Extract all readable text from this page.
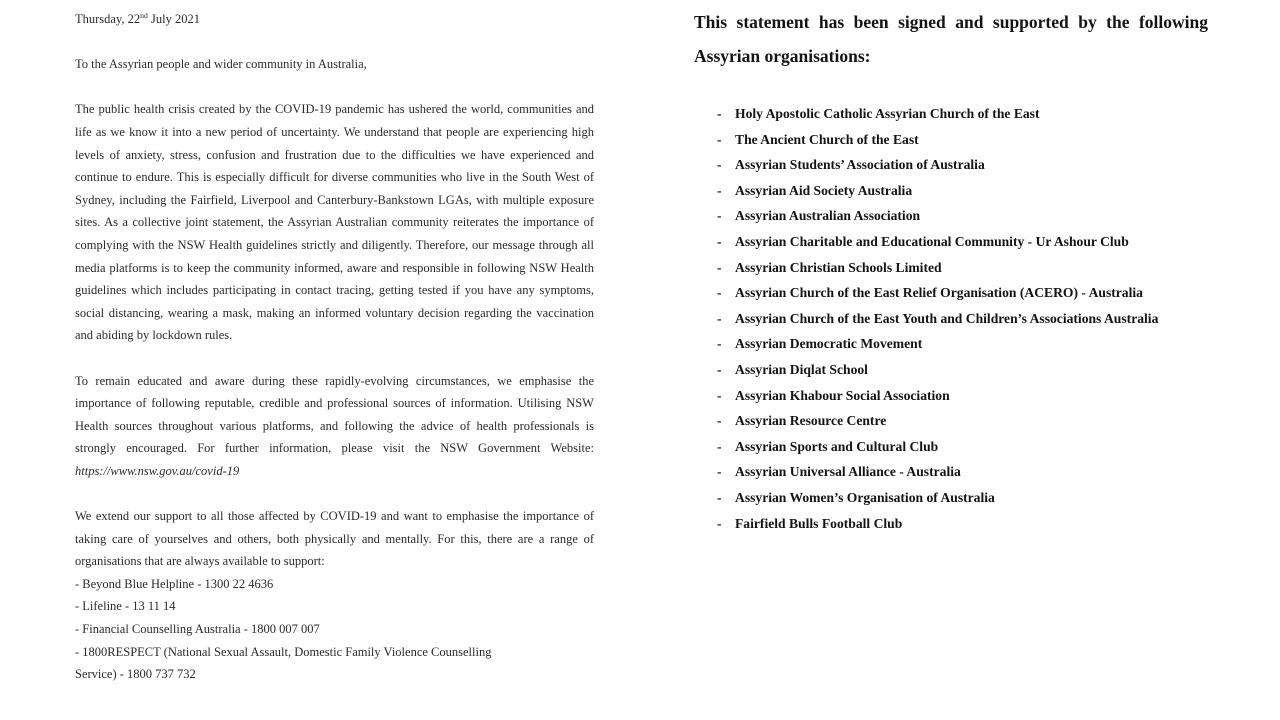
Thursday, 22nd July 2021
To the Assyrian people and wider community in Australia,
The public health crisis created by the COVID-19 pandemic has ushered the world, communities and life as we know it into a new period of uncertainty. We understand that people are experiencing high levels of anxiety, stress, confusion and frustration due to the difficulties we have experienced and continue to endure. This is especially difficult for diverse communities who live in the South West of Sydney, including the Fairfield, Liverpool and Canterbury-Bankstown LGAs, with multiple exposure sites. As a collective joint statement, the Assyrian Australian community reiterates the importance of complying with the NSW Health guidelines strictly and diligently. Therefore, our message through all media platforms is to keep the community informed, aware and responsible in following NSW Health guidelines which includes participating in contact tracing, getting tested if you have any symptoms, social distancing, wearing a mask, making an informed voluntary decision regarding the vaccination and abiding by lockdown rules.
To remain educated and aware during these rapidly-evolving circumstances, we emphasise the importance of following reputable, credible and professional sources of information. Utilising NSW Health sources throughout various platforms, and following the advice of health professionals is strongly encouraged. For further information, please visit the NSW Government Website: https://www.nsw.gov.au/covid-19
We extend our support to all those affected by COVID-19 and want to emphasise the importance of taking care of yourselves and others, both physically and mentally. For this, there are a range of organisations that are always available to support:
- Beyond Blue Helpline - 1300 22 4636
- Lifeline - 13 11 14
- Financial Counselling Australia - 1800 007 007
- 1800RESPECT (National Sexual Assault, Domestic Family Violence Counselling
Service) - 1800 737 732
This statement has been signed and supported by the following
Assyrian organisations:
- Holy Apostolic Catholic Assyrian Church of the East
- The Ancient Church of the East
- Assyrian Students’ Association of Australia
- Assyrian Aid Society Australia
- Assyrian Australian Association
- Assyrian Charitable and Educational Community - Ur Ashour Club
- Assyrian Christian Schools Limited
- Assyrian Church of the East Relief Organisation (ACERO) - Australia
- Assyrian Church of the East Youth and Children’s Associations Australia
- Assyrian Democratic Movement
- Assyrian Diqlat School
- Assyrian Khabour Social Association
- Assyrian Resource Centre
- Assyrian Sports and Cultural Club
- Assyrian Universal Alliance - Australia
- Assyrian Women’s Organisation of Australia
- Fairfield Bulls Football Club
